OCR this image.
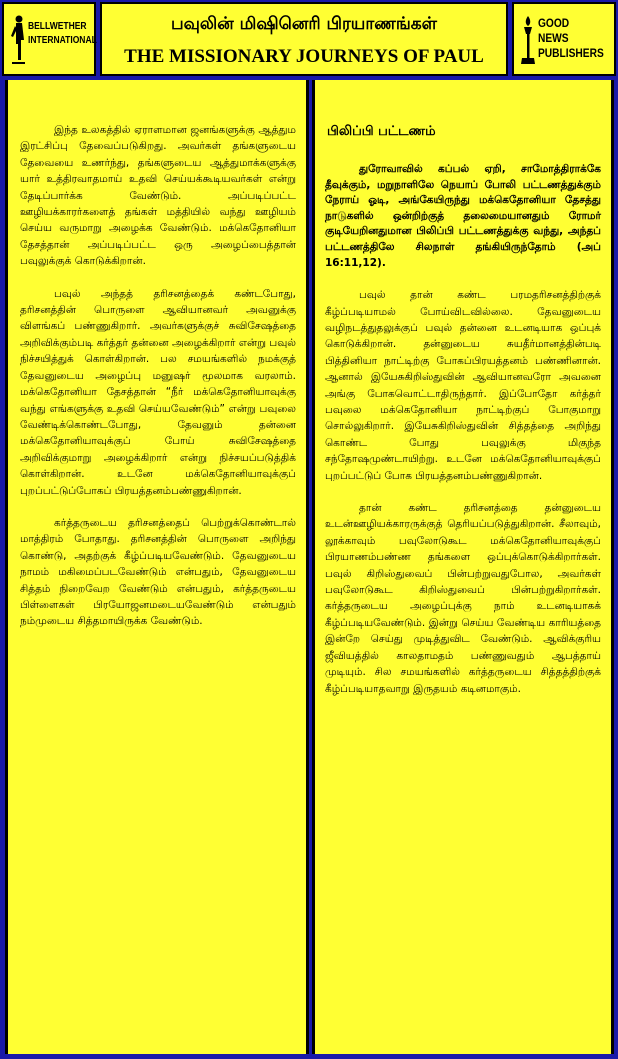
BELLWETHER
INTERNATIONAL
பவுலின் மிஷினெரி பிரயாணங்கள்
THE MISSIONARY JOURNEYS OF PAUL
GOOD NEWS
PUBLISHERS

இந்த உலகத்தில் ஏராளமான ஜனங்களுக்கு ஆத்தும இரட்சிப்பு தேவைப்படுகிறது. அவர்கள் தங்களுடைய தேவையை உணர்ந்து, தங்களுடைய ஆத்துமாக்களுக்கு யார் உத்திரவாதமாய் உதவி செய்யக்கூடியவர்கள் என்று தேடிப்பார்க்க வேண்டும். அப்படிப்பட்ட ஊழியக்காரர்களைத் தங்கள் மத்தியில் வந்து ஊழியம் செய்ய வருமாறு அழைக்க வேண்டும். மக்கெதோனியா தேசத்தான் அப்படிப்பட்ட ஒரு அழைப்பைத்தான் பவுலுக்குக் கொடுக்கிறான்.

பவுல் அந்தத் தரிசனத்தைக் கண்டபோது, தரிசனத்தின் பொருளை ஆவியானவர் அவனுக்கு விளங்கப் பண்ணுகிறார். அவர்களுக்குச் சுவிசேஷத்தை அறிவிக்கும்படி கர்த்தர் தன்னை அழைக்கிறார் என்று பவுல் நிச்சயித்துக் கொள்கிறான். பல சமயங்களில் நமக்குத் தேவனுடைய அழைப்பு மனுஷர் மூலமாக வரலாம். மக்கெதோனியா தேசத்தான் “நீர் மக்கெதோனியாவுக்கு வந்து எங்களுக்கு உதவி செய்யவேண்டும்” என்று பவுலை வேண்டிக்கொண்டபோது, தேவனும் தன்னை மக்கெதோனியாவுக்குப் போய் சுவிசேஷத்தை அறிவிக்குமாறு அழைக்கிறார் என்று நிச்சயப்படுத்திக் கொள்கிறான். உடனே மக்கெதோனியாவுக்குப் புறப்பட்டுப்போகப் பிரயத்தனம்பண்ணுகிறான்.

கர்த்தருடைய தரிசனத்தைப் பெற்றுக்கொண்டால் மாத்திரம் போதாது. தரிசனத்தின் பொருளை அறிந்து கொண்டு, அதற்குக் கீழ்ப்படியவேண்டும். தேவனுடைய நாமம் மகிமைப்படவேண்டும் என்பதும், தேவனுடைய சித்தம் நிறைவேற வேண்டும் என்பதும், கர்த்தருடைய பிள்ளைகள் பிரயோஜனமடையவேண்டும் என்பதும் நம்முடைய சித்தமாயிருக்க வேண்டும்.

பிலிப்பி பட்டணம்

துரோவாவில் கப்பல் ஏறி, சாமோத்திராக்கே தீவுக்கும், மறுநாளிலே நெயாப் போலி பட்டணத்துக்கும் நேராய் ஓடி, அங்கேயிருந்து மக்கெதோனியா தேசத்து நாடுகளில் ஒன்றிற்குத் தலைமையானதும் ரோமர் குடியேறினதுமான பிலிப்பி பட்டணத்துக்கு வந்து, அந்தப் பட்டணத்திலே சிலநாள் தங்கியிருந்தோம் (அப் 16:11,12).

பவுல் தான் கண்ட பரமதரிசனத்திற்குக் கீழ்ப்படியாமல் போய்விடவில்லை. தேவனுடைய வழிநடத்துதலுக்குப் பவுல் தன்னை உடனடியாக ஒப்புக் கொடுக்கிறான். தன்னுடைய சுயதீர்மானத்தின்படி பித்தினியா நாட்டிற்கு போகப்பிரயத்தனம் பண்ணினான். ஆனால் இயேசுகிறிஸ்துவின் ஆவியானவரோ அவனை அங்கு போகவொட்டாதிருந்தார். இப்போதோ கர்த்தர் பவுலை மக்கெதோனியா நாட்டிற்குப் போகுமாறு சொல்லுகிறார். இயேசுகிறிஸ்துவின் சித்தத்தை அறிந்து கொண்ட போது பவுலுக்கு மிகுந்த சந்தோஷமுண்டாயிற்று. உடனே மக்கெதோனியாவுக்குப் புறப்பட்டுப் போக பிரயத்தனம்பண்ணுகிறான்.

தான் கண்ட தரிசனத்தை தன்னுடைய உடன்ஊழியக்காரருக்குத் தெரியப்படுத்துகிறான். சீலாவும், லூக்காவும் பவுலோடுகூட மக்கெதோனியாவுக்குப் பிரயாணம்பண்ண தங்களை ஒப்புக்கொடுக்கிறார்கள். பவுல் கிறிஸ்துவைப் பின்பற்றுவதுபோல, அவர்கள் பவுலோடுகூட கிறிஸ்துவைப் பின்பற்றுகிறார்கள். கர்த்தருடைய அழைப்புக்கு நாம் உடனடியாகக் கீழ்ப்படியவேண்டும். இன்று செய்ய வேண்டிய காரியத்தை இன்றே செய்து முடித்துவிட வேண்டும். ஆவிக்குரிய ஜீவியத்தில் காலதாமதம் பண்ணுவதும் ஆபத்தாய் முடியும். சில சமயங்களில் கர்த்தருடைய சித்தத்திற்குக் கீழ்ப்படியாதவாறு இருதயம் கடினமாகும்.
